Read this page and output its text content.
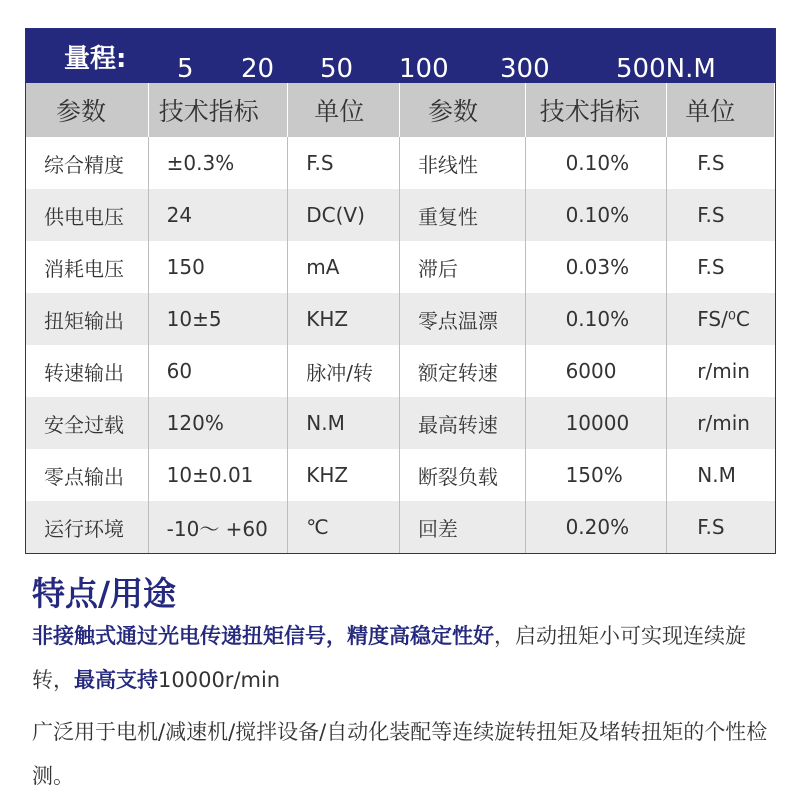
量程:	5 20 50 100 300	500N.M
参数	技术指标	单位	参数	技术指标	单位
综合精度	±0.3%	F.S	非线性	0.10%	F.S
供电电压	24	DC(V)	重复性	0.10%	F.S
消耗电压	150	mA	滞后	0.03%	F.S
扭矩输出	10±5	KHZ	零点温漂	0.10%	FS/⁰C
转速输出	60	脉冲/转	额定转速	6000	r/min
安全过载	120%	N.M	最高转速	10000	r/min
零点输出	10±0.01	KHZ	断裂负载	150%	N.M
运行环境	-10～ +60	℃	回差	0.20%	F.S
特点/用途
非接触式通过光电传递扭矩信号，精度高稳定性好，启动扭矩小可实现连续旋转，最高支持10000r/min
广泛用于电机/减速机/搅拌设备/自动化装配等连续旋转扭矩及堵转扭矩的个性检测。
